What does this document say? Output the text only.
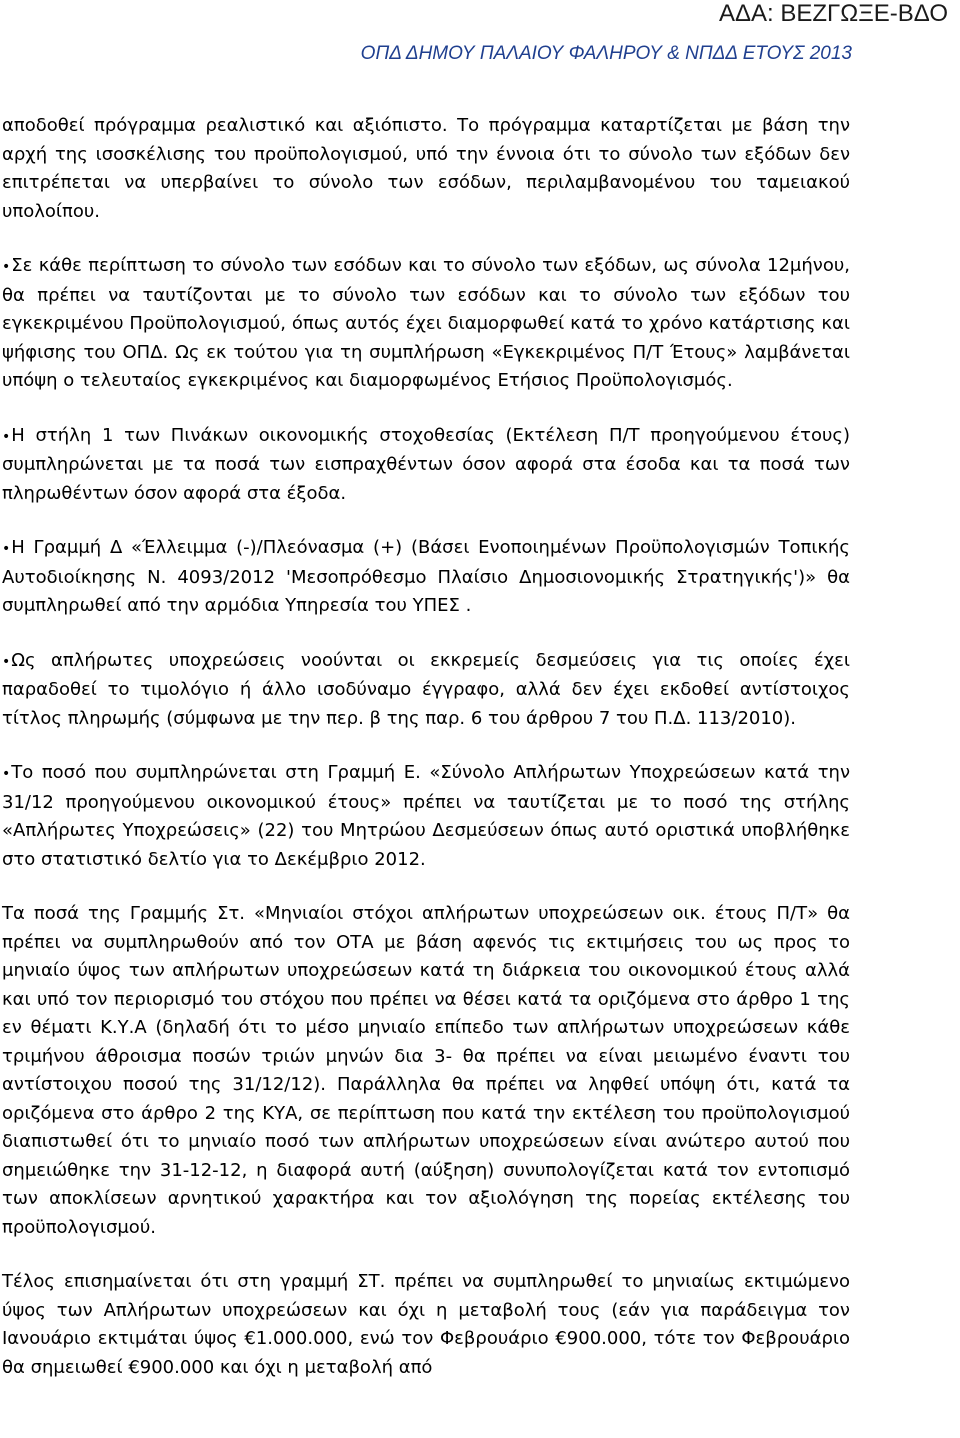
ΑΔΑ: ΒΕΖΓΩΞΕ-ΒΔΟ
ΟΠΔ ΔΗΜΟΥ ΠΑΛΑΙΟΥ ΦΑΛΗΡΟΥ & ΝΠΔΔ ΕΤΟΥΣ 2013

αποδοθεί πρόγραμμα ρεαλιστικό και αξιόπιστο. Το πρόγραμμα καταρτίζεται με βάση την αρχή της ισοσκέλισης του προϋπολογισμού, υπό την έννοια ότι το σύνολο των εξόδων δεν επιτρέπεται να υπερβαίνει το σύνολο των εσόδων, περιλαμβανομένου του ταμειακού υπολοίπου.

•Σε κάθε περίπτωση το σύνολο των εσόδων και το σύνολο των εξόδων, ως σύνολα 12μήνου, θα πρέπει να ταυτίζονται με το σύνολο των εσόδων και το σύνολο των εξόδων του εγκεκριμένου Προϋπολογισμού, όπως αυτός έχει διαμορφωθεί κατά το χρόνο κατάρτισης και ψήφισης του ΟΠΔ. Ως εκ τούτου για τη συμπλήρωση «Εγκεκριμένος Π/Τ Έτους» λαμβάνεται υπόψη ο τελευταίος εγκεκριμένος και διαμορφωμένος Ετήσιος Προϋπολογισμός.

•Η στήλη 1 των Πινάκων οικονομικής στοχοθεσίας (Εκτέλεση Π/Τ προηγούμενου έτους) συμπληρώνεται με τα ποσά των εισπραχθέντων όσον αφορά στα έσοδα και τα ποσά των πληρωθέντων όσον αφορά στα έξοδα.

•Η Γραμμή Δ «Έλλειμμα (-)/Πλεόνασμα (+) (Βάσει Ενοποιημένων Προϋπολογισμών Τοπικής Αυτοδιοίκησης Ν. 4093/2012 'Μεσοπρόθεσμο Πλαίσιο Δημοσιονομικής Στρατηγικής')» θα συμπληρωθεί από την αρμόδια Υπηρεσία του ΥΠΕΣ .

•Ως απλήρωτες υποχρεώσεις νοούνται οι εκκρεμείς δεσμεύσεις για τις οποίες έχει παραδοθεί το τιμολόγιο ή άλλο ισοδύναμο έγγραφο, αλλά δεν έχει εκδοθεί αντίστοιχος τίτλος πληρωμής (σύμφωνα με την περ. β της παρ. 6 του άρθρου 7 του Π.Δ. 113/2010).

•Το ποσό που συμπληρώνεται στη Γραμμή Ε. «Σύνολο Απλήρωτων Υποχρεώσεων κατά την 31/12 προηγούμενου οικονομικού έτους» πρέπει να ταυτίζεται με το ποσό της στήλης «Απλήρωτες Υποχρεώσεις» (22) του Μητρώου Δεσμεύσεων όπως αυτό οριστικά υποβλήθηκε στο στατιστικό δελτίο για το Δεκέμβριο 2012.

Τα ποσά της Γραμμής Στ. «Μηνιαίοι στόχοι απλήρωτων υποχρεώσεων οικ. έτους Π/Τ» θα πρέπει να συμπληρωθούν από τον ΟΤΑ με βάση αφενός τις εκτιμήσεις του ως προς το μηνιαίο ύψος των απλήρωτων υποχρεώσεων κατά τη διάρκεια του οικονομικού έτους αλλά και υπό τον περιορισμό του στόχου που πρέπει να θέσει κατά τα οριζόμενα στο άρθρο 1 της εν θέματι Κ.Υ.Α (δηλαδή ότι το μέσο μηνιαίο επίπεδο των απλήρωτων υποχρεώσεων κάθε τριμήνου άθροισμα ποσών τριών μηνών δια 3- θα πρέπει να είναι μειωμένο έναντι του αντίστοιχου ποσού της 31/12/12). Παράλληλα θα πρέπει να ληφθεί υπόψη ότι, κατά τα οριζόμενα στο άρθρο 2 της ΚΥΑ, σε περίπτωση που κατά την εκτέλεση του προϋπολογισμού διαπιστωθεί ότι το μηνιαίο ποσό των απλήρωτων υποχρεώσεων είναι ανώτερο αυτού που σημειώθηκε την 31-12-12, η διαφορά αυτή (αύξηση) συνυπολογίζεται κατά τον εντοπισμό των αποκλίσεων αρνητικού χαρακτήρα και τον αξιολόγηση της πορείας εκτέλεσης του προϋπολογισμού.

Τέλος επισημαίνεται ότι στη γραμμή ΣΤ. πρέπει να συμπληρωθεί το μηνιαίως εκτιμώμενο ύψος των Απλήρωτων υποχρεώσεων και όχι η μεταβολή τους (εάν για παράδειγμα τον Ιανουάριο εκτιμάται ύψος €1.000.000, ενώ τον Φεβρουάριο €900.000, τότε τον Φεβρουάριο θα σημειωθεί €900.000 και όχι η μεταβολή από
